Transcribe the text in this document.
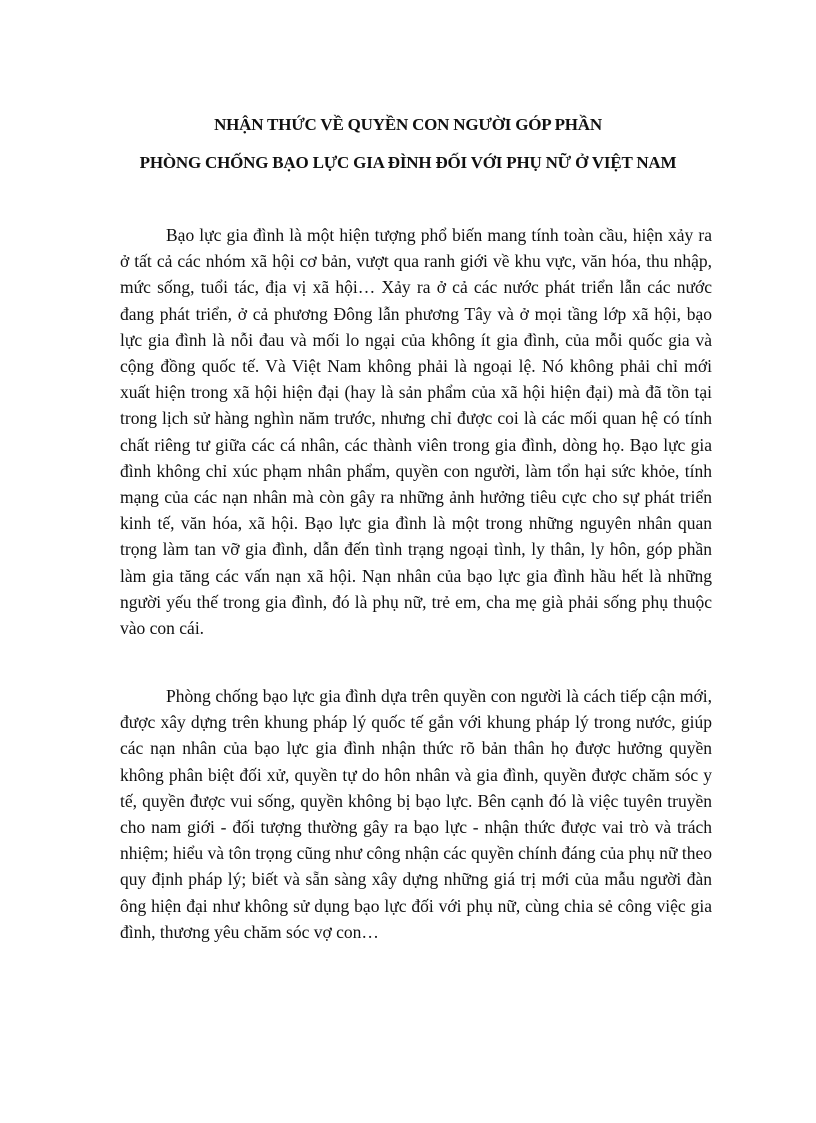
NHẬN THỨC VỀ QUYỀN CON NGƯỜI GÓP PHẦN
PHÒNG CHỐNG BẠO LỰC GIA ĐÌNH ĐỐI VỚI PHỤ NỮ Ở VIỆT NAM

Bạo lực gia đình là một hiện tượng phổ biến mang tính toàn cầu, hiện xảy ra ở tất cả các nhóm xã hội cơ bản, vượt qua ranh giới về khu vực, văn hóa, thu nhập, mức sống, tuổi tác, địa vị xã hội… Xảy ra ở cả các nước phát triển lẫn các nước đang phát triển, ở cả phương Đông lẫn phương Tây và ở mọi tầng lớp xã hội, bạo lực gia đình là nỗi đau và mối lo ngại của không ít gia đình, của mỗi quốc gia và cộng đồng quốc tế. Và Việt Nam không phải là ngoại lệ. Nó không phải chỉ mới xuất hiện trong xã hội hiện đại (hay là sản phẩm của xã hội hiện đại) mà đã tồn tại trong lịch sử hàng nghìn năm trước, nhưng chỉ được coi là các mối quan hệ có tính chất riêng tư giữa các cá nhân, các thành viên trong gia đình, dòng họ. Bạo lực gia đình không chỉ xúc phạm nhân phẩm, quyền con người, làm tổn hại sức khỏe, tính mạng của các nạn nhân mà còn gây ra những ảnh hưởng tiêu cực cho sự phát triển kinh tế, văn hóa, xã hội. Bạo lực gia đình là một trong những nguyên nhân quan trọng làm tan vỡ gia đình, dẫn đến tình trạng ngoại tình, ly thân, ly hôn, góp phần làm gia tăng các vấn nạn xã hội. Nạn nhân của bạo lực gia đình hầu hết là những người yếu thế trong gia đình, đó là phụ nữ, trẻ em, cha mẹ già phải sống phụ thuộc vào con cái.

Phòng chống bạo lực gia đình dựa trên quyền con người là cách tiếp cận mới, được xây dựng trên khung pháp lý quốc tế gắn với khung pháp lý trong nước, giúp các nạn nhân của bạo lực gia đình nhận thức rõ bản thân họ được hưởng quyền không phân biệt đối xử, quyền tự do hôn nhân và gia đình, quyền được chăm sóc y tế, quyền được vui sống, quyền không bị bạo lực. Bên cạnh đó là việc tuyên truyền cho nam giới - đối tượng thường gây ra bạo lực - nhận thức được vai trò và trách nhiệm; hiểu và tôn trọng cũng như công nhận các quyền chính đáng của phụ nữ theo quy định pháp lý; biết và sẵn sàng xây dựng những giá trị mới của mẫu người đàn ông hiện đại như không sử dụng bạo lực đối với phụ nữ, cùng chia sẻ công việc gia đình, thương yêu chăm sóc vợ con…
